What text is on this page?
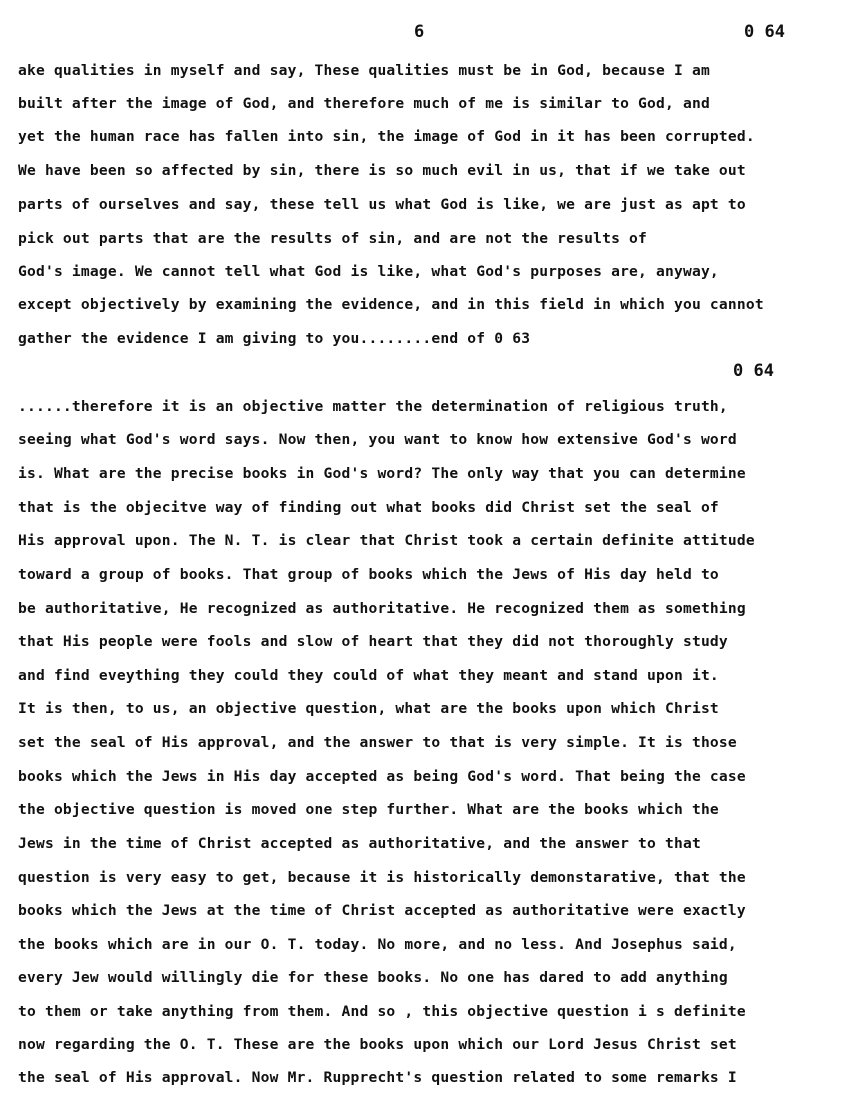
6	0 64
ake qualities in myself and say, These qualities must be in God, because I am
built after the image of God, and therefore much of me is similar to God, and
yet the human race has fallen into sin, the image of God in it has been corrupted.
We have been so affected by sin, there is so much evil in us, that if we take out
parts of ourselves and say, these tell us what God is like, we are just as apt to
pick out parts that are the results of sin, and are not the results of
God's image. We cannot tell what God is like, what God's purposes are, anyway,
except objectively by examining the evidence, and in this field in which you cannot
gather the evidence I am giving to you........end of 0 63
0 64
......therefore it is an objective matter the determination of religious truth,
seeing what God's word says. Now then, you want to know how extensive God's word
is. What are the precise books in God's word? The only way that you can determine
that is the objecitve way of finding out what books did Christ set the seal of
His approval upon. The N. T. is clear that Christ took a certain definite attitude
toward a group of books. That group of books which the Jews of His day held to
be authoritative, He recognized as authoritative. He recognized them as something
that His people were fools and slow of heart that they did not thoroughly study
and find eveything they could they could of what they meant and stand upon it.
It is then, to us, an objective question, what are the books upon which Christ
set the seal of His approval, and the answer to that is very simple. It is those
books which the Jews in His day accepted as being God's word. That being the case
the objective question is moved one step further. What are the books which the
Jews in the time of Christ accepted as authoritative, and the answer to that
question is very easy to get, because it is historically demonstarative, that the
books which the Jews at the time of Christ accepted as authoritative were exactly
the books which are in our O. T. today. No more, and no less. And Josephus said,
every Jew would willingly die for these books. No one has dared to add anything
to them or take anything from them. And so , this objective question i s definite
now regarding the O. T. These are the books upon which our Lord Jesus Christ set
the seal of His approval. Now Mr. Rupprecht's question related to some remarks I
